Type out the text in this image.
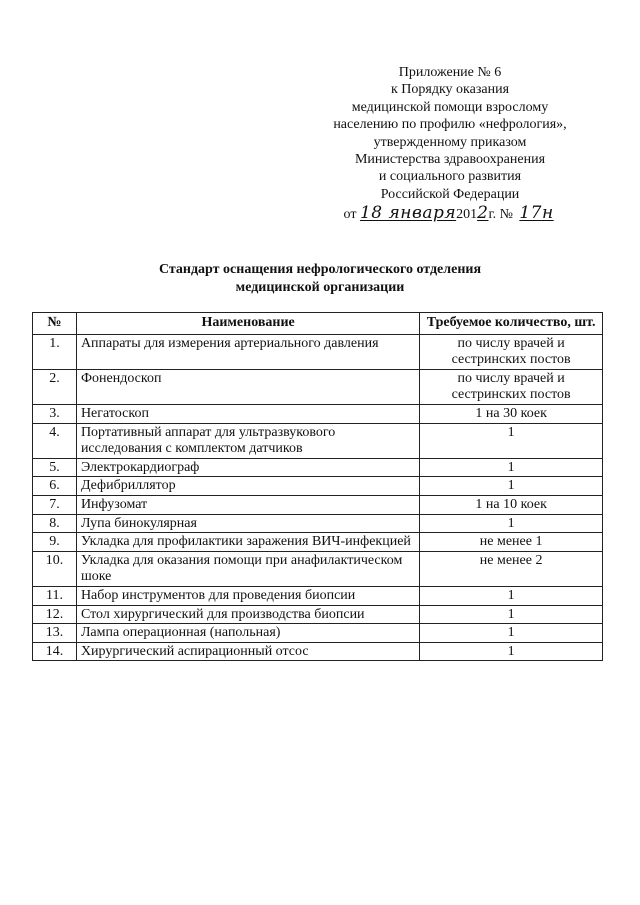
Приложение № 6
к Порядку оказания
медицинской помощи взрослому
населению по профилю «нефрология»,
утвержденному приказом
Министерства здравоохранения
и социального развития
Российской Федерации
от 18 января2012г. № 17н
Стандарт оснащения нефрологического отделения
медицинской организации
№	Наименование	Требуемое количество, шт.
1.	Аппараты для измерения артериального давления	по числу врачей и сестринских постов
2.	Фонендоскоп	по числу врачей и сестринских постов
3.	Негатоскоп	1 на 30 коек
4.	Портативный аппарат для ультразвукового исследования с комплектом датчиков	1
5.	Электрокардиограф	1
6.	Дефибриллятор	1
7.	Инфузомат	1 на 10 коек
8.	Лупа бинокулярная	1
9.	Укладка для профилактики заражения ВИЧ-инфекцией	не менее 1
10.	Укладка для оказания помощи при анафилактическом шоке	не менее 2
11.	Набор инструментов для проведения биопсии	1
12.	Стол хирургический для производства биопсии	1
13.	Лампа операционная (напольная)	1
14.	Хирургический аспирационный отсос	1
